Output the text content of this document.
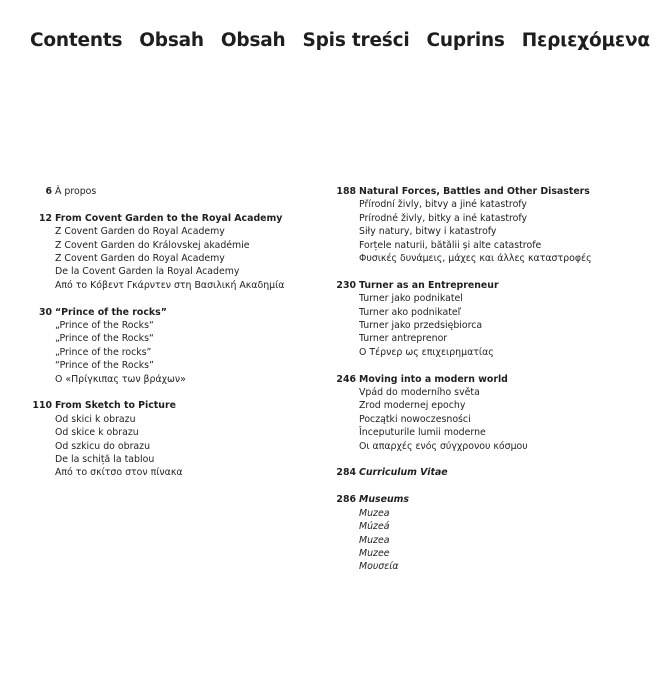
Contents Obsah Obsah Spis treści Cuprins Περιεχόμενα
6 À propos
12 From Covent Garden to the Royal Academy
Z Covent Garden do Royal Academy
Z Covent Garden do Královskej akadémie
Z Covent Garden do Royal Academy
De la Covent Garden la Royal Academy
Από το Κόβεντ Γκάρντεν στη Βασιλική Ακαδημία
30 “Prince of the rocks”
„Prince of the Rocks“
„Prince of the Rocks“
„Prince of the rocks”
“Prince of the Rocks”
Ο «Πρίγκιπας των βράχων»
110 From Sketch to Picture
Od skici k obrazu
Od skice k obrazu
Od szkicu do obrazu
De la schiță la tablou
Από το σκίτσο στον πίνακα
188 Natural Forces, Battles and Other Disasters
Přírodní živly, bitvy a jiné katastrofy
Prírodné živly, bitky a iné katastrofy
Siły natury, bitwy i katastrofy
Forțele naturii, bătălii și alte catastrofe
Φυσικές δυνάμεις, μάχες και άλλες καταστροφές
230 Turner as an Entrepreneur
Turner jako podnikatel
Turner ako podnikateľ
Turner jako przedsiębiorca
Turner antreprenor
Ο Τέρνερ ως επιχειρηματίας
246 Moving into a modern world
Vpád do moderního světa
Zrod modernej epochy
Początki nowoczesności
Începuturile lumii moderne
Οι απαρχές ενός σύγχρονου κόσμου
284 Curriculum Vitae
286 Museums
Muzea
Múzeá
Muzea
Muzee
Μουσεία
